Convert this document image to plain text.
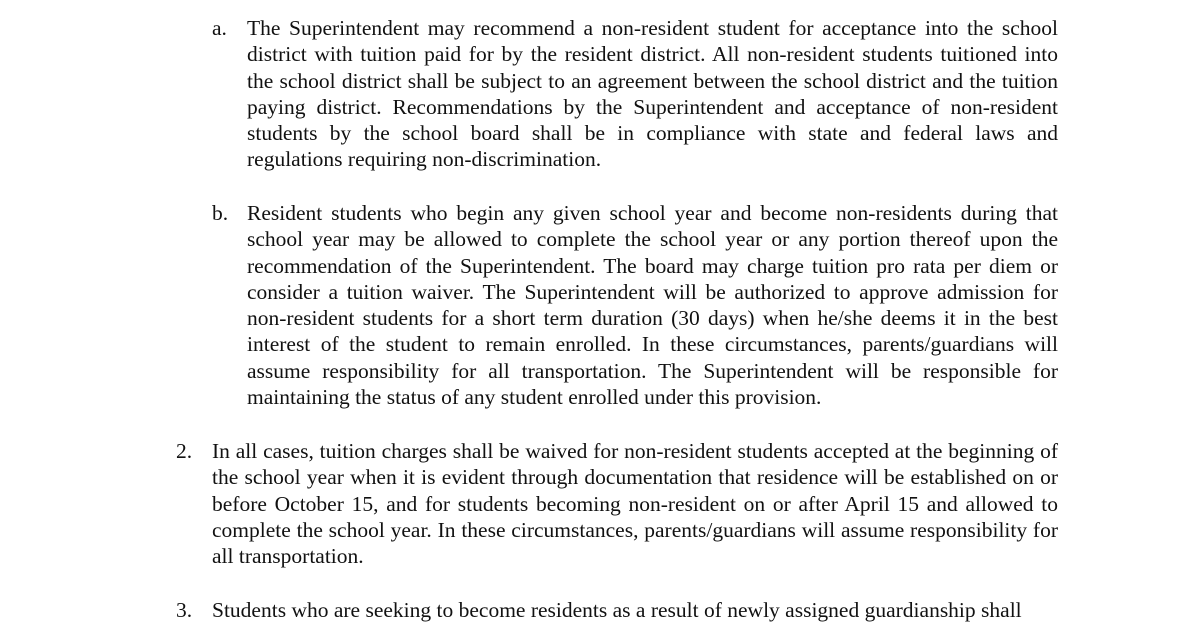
a. The Superintendent may recommend a non-resident student for acceptance into the school district with tuition paid for by the resident district. All non-resident students tuitioned into the school district shall be subject to an agreement between the school district and the tuition paying district. Recommendations by the Superintendent and acceptance of non-resident students by the school board shall be in compliance with state and federal laws and regulations requiring non-discrimination.

b. Resident students who begin any given school year and become non-residents during that school year may be allowed to complete the school year or any portion thereof upon the recommendation of the Superintendent. The board may charge tuition pro rata per diem or consider a tuition waiver. The Superintendent will be authorized to approve admission for non-resident students for a short term duration (30 days) when he/she deems it in the best interest of the student to remain enrolled. In these circumstances, parents/guardians will assume responsibility for all transportation. The Superintendent will be responsible for maintaining the status of any student enrolled under this provision.

2. In all cases, tuition charges shall be waived for non-resident students accepted at the beginning of the school year when it is evident through documentation that residence will be established on or before October 15, and for students becoming non-resident on or after April 15 and allowed to complete the school year. In these circumstances, parents/guardians will assume responsibility for all transportation.

3. Students who are seeking to become residents as a result of newly assigned guardianship shall
